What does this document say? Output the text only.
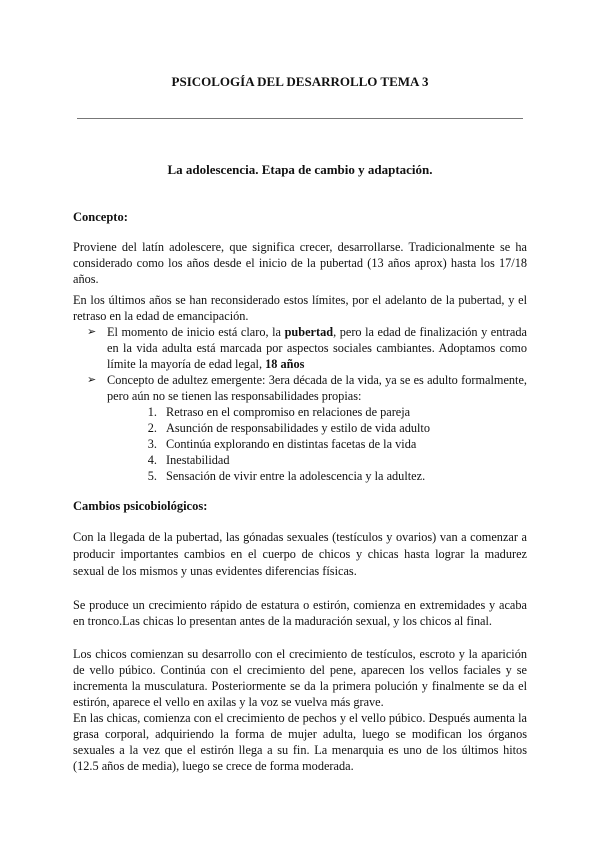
PSICOLOGÍA DEL DESARROLLO TEMA 3
La adolescencia. Etapa de cambio y adaptación.
Concepto:

Proviene del latín adolescere, que significa crecer, desarrollarse. Tradicionalmente se ha considerado como los años desde el inicio de la pubertad (13 años aprox) hasta los 17/18 años.

En los últimos años se han reconsiderado estos límites, por el adelanto de la pubertad, y el retraso en la edad de emancipación.

➢ El momento de inicio está claro, la pubertad, pero la edad de finalización y entrada en la vida adulta está marcada por aspectos sociales cambiantes. Adoptamos como límite la mayoría de edad legal, 18 años
➢ Concepto de adultez emergente: 3era década de la vida, ya se es adulto formalmente, pero aún no se tienen las responsabilidades propias:
1. Retraso en el compromiso en relaciones de pareja
2. Asunción de responsabilidades y estilo de vida adulto
3. Continúa explorando en distintas facetas de la vida
4. Inestabilidad
5. Sensación de vivir entre la adolescencia y la adultez.
Cambios psicobiológicos:

Con la llegada de la pubertad, las gónadas sexuales (testículos y ovarios) van a comenzar a producir importantes cambios en el cuerpo de chicos y chicas hasta lograr la madurez sexual de los mismos y unas evidentes diferencias físicas.

Se produce un crecimiento rápido de estatura o estirón, comienza en extremidades y acaba en tronco.Las chicas lo presentan antes de la maduración sexual, y los chicos al final.

Los chicos comienzan su desarrollo con el crecimiento de testículos, escroto y la aparición de vello púbico. Continúa con el crecimiento del pene, aparecen los vellos faciales y se incrementa la musculatura. Posteriormente se da la primera polución y finalmente se da el estirón, aparece el vello en axilas y la voz se vuelva más grave.

En las chicas, comienza con el crecimiento de pechos y el vello púbico. Después aumenta la grasa corporal, adquiriendo la forma de mujer adulta, luego se modifican los órganos sexuales a la vez que el estirón llega a su fin. La menarquia es uno de los últimos hitos (12.5 años de media), luego se crece de forma moderada.
